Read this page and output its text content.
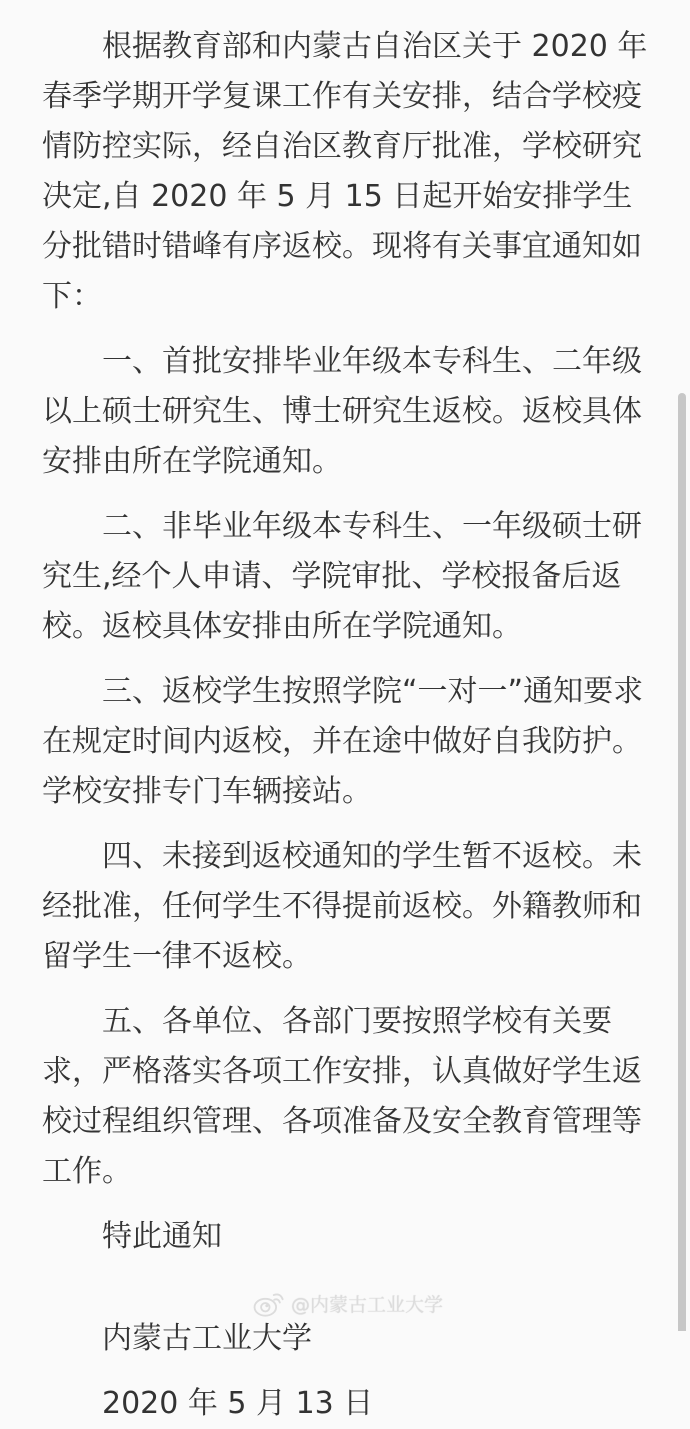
根据教育部和内蒙古自治区关于 2020 年春季学期开学复课工作有关安排，结合学校疫情防控实际，经自治区教育厅批准，学校研究决定,自 2020 年 5 月 15 日起开始安排学生分批错时错峰有序返校。现将有关事宜通知如下：

一、首批安排毕业年级本专科生、二年级以上硕士研究生、博士研究生返校。返校具体安排由所在学院通知。

二、非毕业年级本专科生、一年级硕士研究生,经个人申请、学院审批、学校报备后返校。返校具体安排由所在学院通知。

三、返校学生按照学院“一对一”通知要求在规定时间内返校，并在途中做好自我防护。学校安排专门车辆接站。

四、未接到返校通知的学生暂不返校。未经批准，任何学生不得提前返校。外籍教师和留学生一律不返校。

五、各单位、各部门要按照学校有关要求，严格落实各项工作安排，认真做好学生返校过程组织管理、各项准备及安全教育管理等工作。

特此通知

内蒙古工业大学

2020 年 5 月 13 日

@内蒙古工业大学
